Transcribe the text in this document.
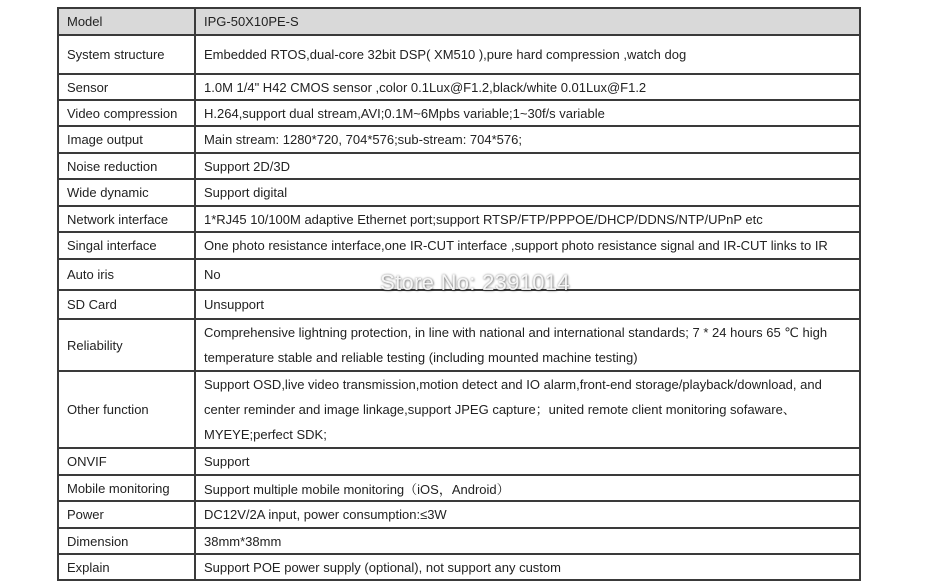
Model	IPG-50X10PE-S
System structure	Embedded RTOS,dual-core 32bit DSP( XM510 ),pure hard compression ,watch dog
Sensor	1.0M 1/4" H42 CMOS sensor ,color 0.1Lux@F1.2,black/white 0.01Lux@F1.2
Video compression	H.264,support dual stream,AVI;0.1M~6Mpbs variable;1~30f/s variable
Image output	Main stream: 1280*720, 704*576;sub-stream: 704*576;
Noise reduction	Support 2D/3D
Wide dynamic	Support digital
Network interface	1*RJ45 10/100M adaptive Ethernet port;support RTSP/FTP/PPPOE/DHCP/DDNS/NTP/UPnP etc
Singal interface	One photo resistance interface,one IR-CUT interface ,support photo resistance signal and IR-CUT links to IR
Auto iris	No
SD Card	Unsupport
Reliability	Comprehensive lightning protection, in line with national and international standards; 7 * 24 hours 65 ℃ high temperature stable and reliable testing (including mounted machine testing)
Other function	Support OSD,live video transmission,motion detect and IO alarm,front-end storage/playback/download, and center reminder and image linkage,support JPEG capture；united remote client monitoring sofaware、MYEYE;perfect SDK;
ONVIF	Support
Mobile monitoring	Support multiple mobile monitoring（iOS，Android）
Power	DC12V/2A input, power consumption:≤3W
Dimension	38mm*38mm
Explain	Support POE power supply (optional), not support any custom
Store No: 2391014
